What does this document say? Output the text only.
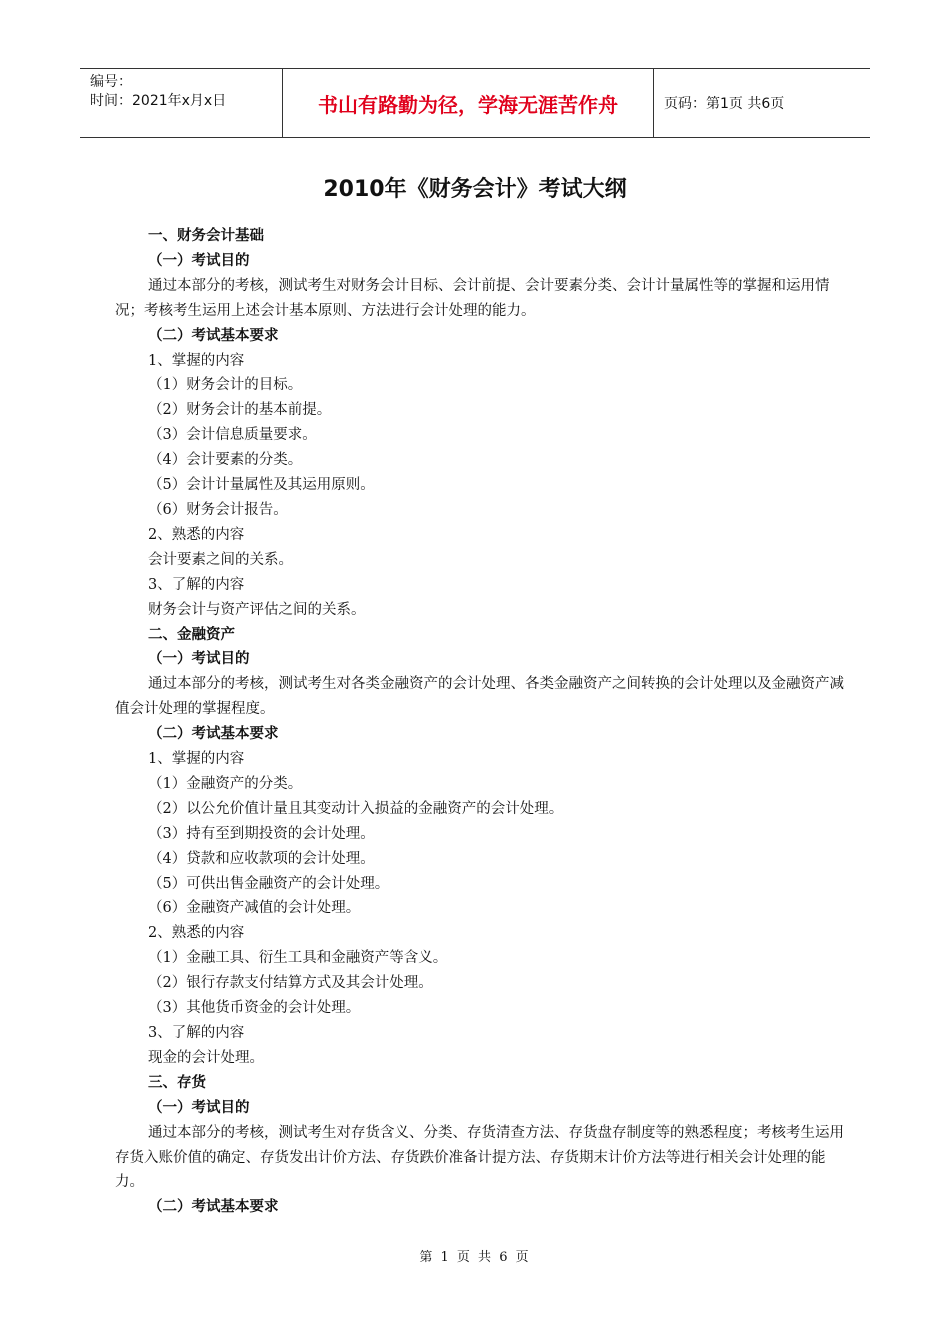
编号：
时间：2021年x月x日	书山有路勤为径，学海无涯苦作舟	页码：第1页 共6页
2010年《财务会计》考试大纲

一、财务会计基础

（一）考试目的

通过本部分的考核，测试考生对财务会计目标、会计前提、会计要素分类、会计计量属性等的掌握和运用情况；考核考生运用上述会计基本原则、方法进行会计处理的能力。

（二）考试基本要求

1、掌握的内容

（1）财务会计的目标。

（2）财务会计的基本前提。

（3）会计信息质量要求。

（4）会计要素的分类。

（5）会计计量属性及其运用原则。

（6）财务会计报告。

2、熟悉的内容

会计要素之间的关系。

3、了解的内容

财务会计与资产评估之间的关系。

二、金融资产

（一）考试目的

通过本部分的考核，测试考生对各类金融资产的会计处理、各类金融资产之间转换的会计处理以及金融资产减值会计处理的掌握程度。

（二）考试基本要求

1、掌握的内容

（1）金融资产的分类。

（2）以公允价值计量且其变动计入损益的金融资产的会计处理。

（3）持有至到期投资的会计处理。

（4）贷款和应收款项的会计处理。

（5）可供出售金融资产的会计处理。

（6）金融资产减值的会计处理。

2、熟悉的内容

（1）金融工具、衍生工具和金融资产等含义。

（2）银行存款支付结算方式及其会计处理。

（3）其他货币资金的会计处理。

3、了解的内容

现金的会计处理。

三、存货

（一）考试目的

通过本部分的考核，测试考生对存货含义、分类、存货清查方法、存货盘存制度等的熟悉程度；考核考生运用存货入账价值的确定、存货发出计价方法、存货跌价准备计提方法、存货期末计价方法等进行相关会计处理的能力。

（二）考试基本要求

第 1 页 共 6 页
